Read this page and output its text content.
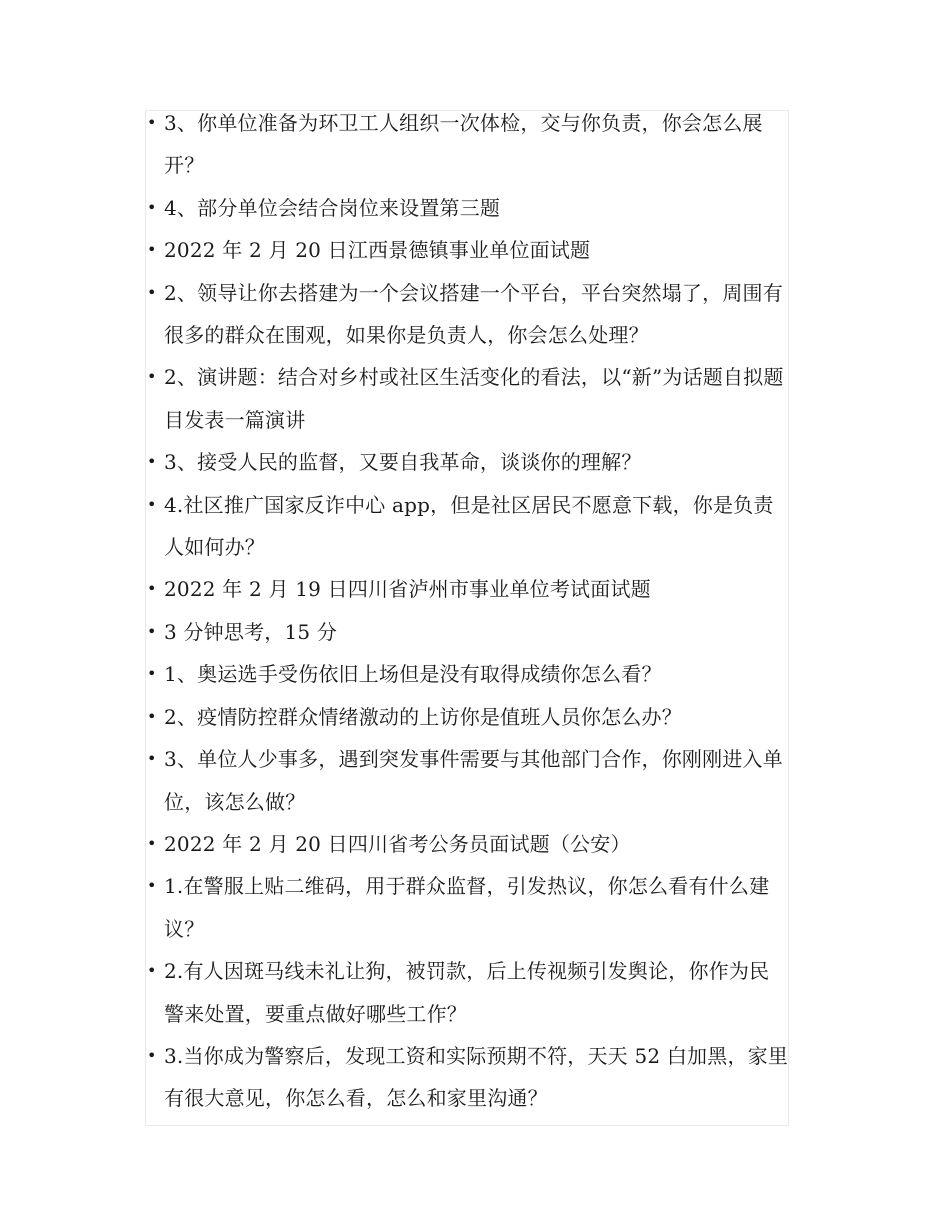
• 3、你单位准备为环卫工人组织一次体检，交与你负责，你会怎么展开？
• 4、部分单位会结合岗位来设置第三题
• 2022 年 2 月 20 日江西景德镇事业单位面试题
• 2、领导让你去搭建为一个会议搭建一个平台，平台突然塌了，周围有很多的群众在围观，如果你是负责人，你会怎么处理？
• 2、演讲题：结合对乡村或社区生活变化的看法，以“新”为话题自拟题目发表一篇演讲
• 3、接受人民的监督，又要自我革命，谈谈你的理解？
• 4.社区推广国家反诈中心 app，但是社区居民不愿意下载，你是负责人如何办？
• 2022 年 2 月 19 日四川省泸州市事业单位考试面试题
• 3 分钟思考，15 分
• 1、奥运选手受伤依旧上场但是没有取得成绩你怎么看？
• 2、疫情防控群众情绪激动的上访你是值班人员你怎么办？
• 3、单位人少事多，遇到突发事件需要与其他部门合作，你刚刚进入单位，该怎么做？
• 2022 年 2 月 20 日四川省考公务员面试题（公安）
• 1.在警服上贴二维码，用于群众监督，引发热议，你怎么看有什么建议？
• 2.有人因斑马线未礼让狗，被罚款，后上传视频引发舆论，你作为民警来处置，要重点做好哪些工作？
• 3.当你成为警察后，发现工资和实际预期不符，天天 52 白加黑，家里有很大意见，你怎么看，怎么和家里沟通？
